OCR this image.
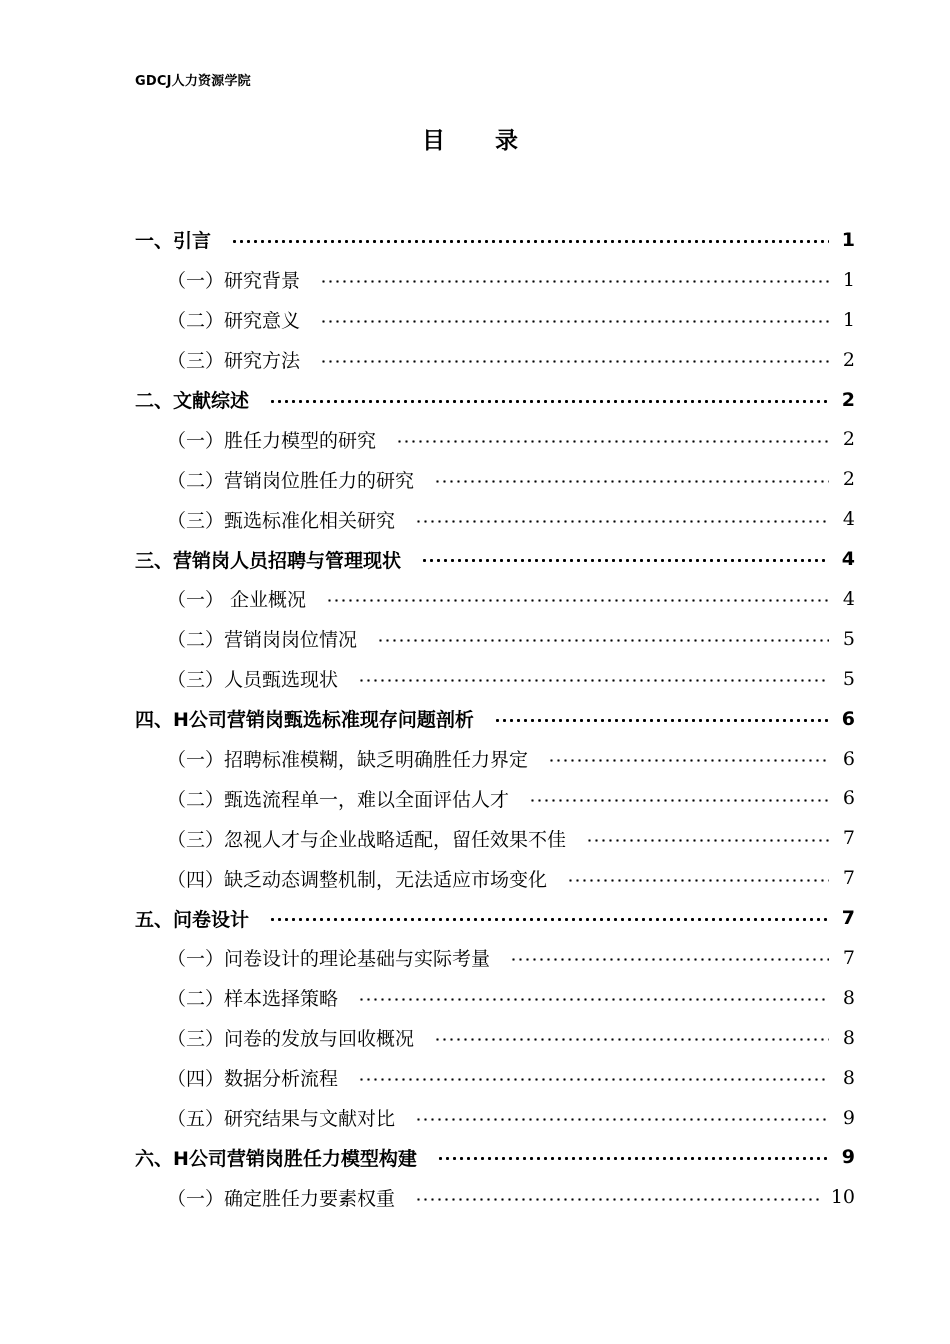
GDCJ人力资源学院
目录
一、引言	1
（一）研究背景	1
（二）研究意义	1
（三）研究方法	2
二、文献综述	2
（一）胜任力模型的研究	2
（二）营销岗位胜任力的研究	2
（三）甄选标准化相关研究	4
三、营销岗人员招聘与管理现状	4
（一） 企业概况	4
（二）营销岗岗位情况	5
（三）人员甄选现状	5
四、H公司营销岗甄选标准现存问题剖析	6
（一）招聘标准模糊，缺乏明确胜任力界定	6
（二）甄选流程单一，难以全面评估人才	6
（三）忽视人才与企业战略适配，留任效果不佳	7
（四）缺乏动态调整机制，无法适应市场变化	7
五、问卷设计	7
（一）问卷设计的理论基础与实际考量	7
（二）样本选择策略	8
（三）问卷的发放与回收概况	8
（四）数据分析流程	8
（五）研究结果与文献对比	9
六、H公司营销岗胜任力模型构建	9
（一）确定胜任力要素权重	10
